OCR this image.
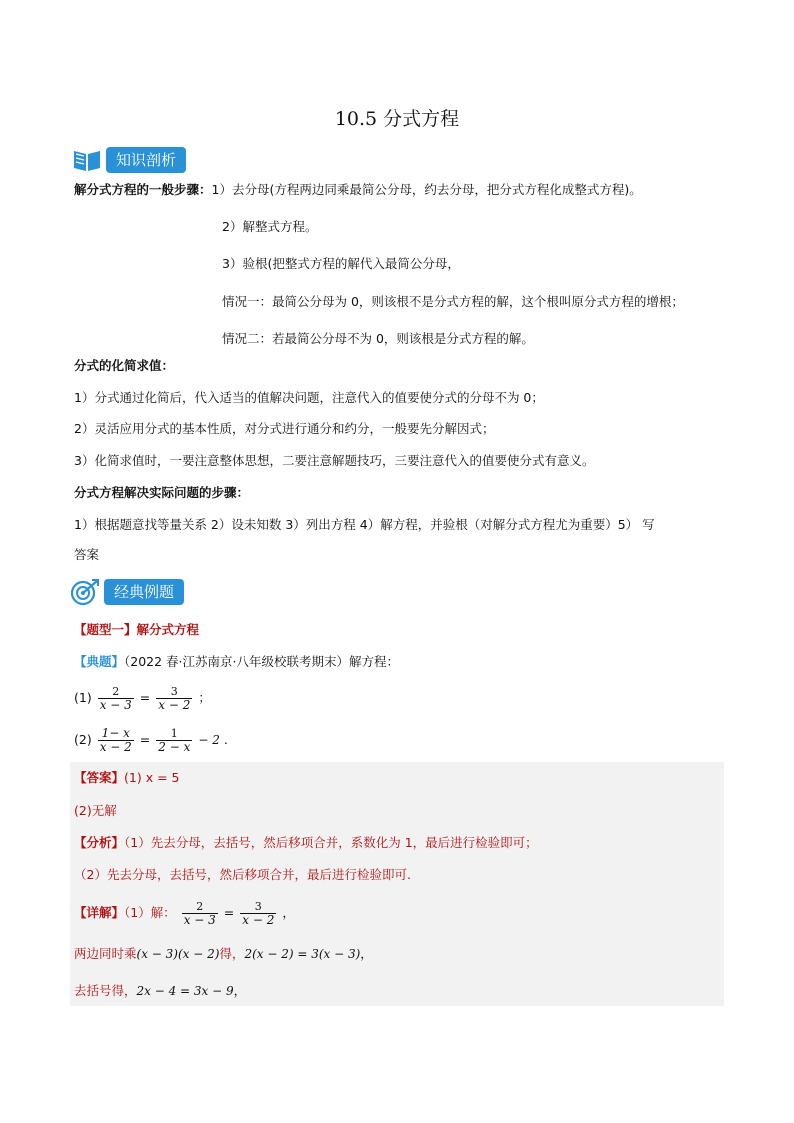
10.5 分式方程
知识剖析
解分式方程的一般步骤：1）去分母(方程两边同乘最简公分母，约去分母，把分式方程化成整式方程)。
2）解整式方程。
3）验根(把整式方程的解代入最简公分母，
情况一：最简公分母为 0，则该根不是分式方程的解，这个根叫原分式方程的增根；
情况二：若最简公分母不为 0，则该根是分式方程的解。
分式的化简求值：
1）分式通过化简后，代入适当的值解决问题，注意代入的值要使分式的分母不为 0；
2）灵活应用分式的基本性质，对分式进行通分和约分，一般要先分解因式；
3）化简求值时，一要注意整体思想，二要注意解题技巧，三要注意代入的值要使分式有意义。
分式方程解决实际问题的步骤：
1）根据题意找等量关系 2）设未知数 3）列出方程 4）解方程，并验根（对解分式方程尤为重要）5） 写
答案
经典例题
【题型一】解分式方程
【典题】（2022 春·江苏南京·八年级校联考期末）解方程：
$(1) \frac{2}{x - 3} = \frac{3}{x - 2}$ ；
$(2) \frac{1- x}{x - 2} = \frac{1}{2 - x} - 2$ .
【答案】(1) x = 5
(2)无解
【分析】（1）先去分母，去括号，然后移项合并，系数化为 1，最后进行检验即可；
（2）先去分母，去括号，然后移项合并，最后进行检验即可.
【详解】（1）解： $\frac{2}{x - 3} = \frac{3}{x - 2}$ ，
两边同时乘(x − 3)(x − 2)得，2(x − 2) = 3(x − 3)，
去括号得，2x − 4 = 3x − 9，
